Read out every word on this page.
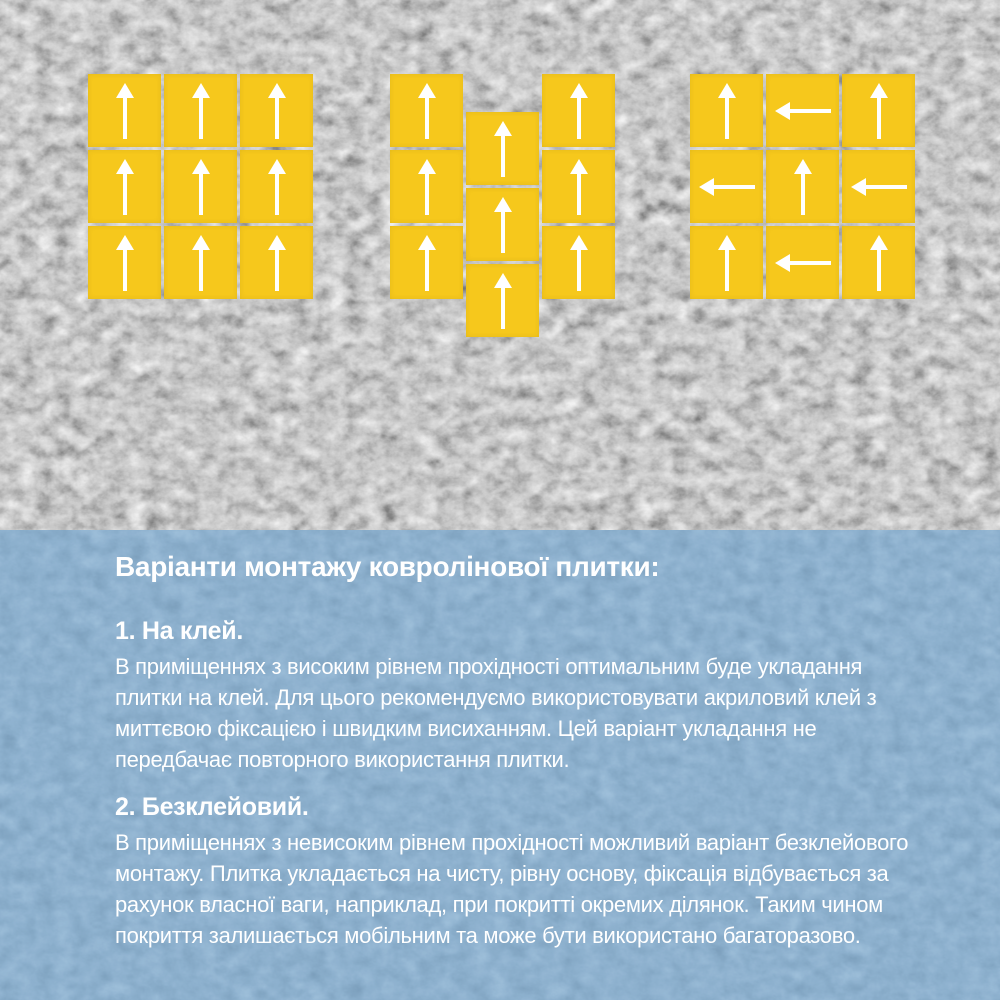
Варіанти монтажу ковролінової плитки:
1. На клей.

В приміщеннях з високим рівнем прохідності оптимальним буде укладання плитки на клей. Для цього рекомендуємо використовувати акриловий клей з миттєвою фіксацією і швидким висиханням. Цей варіант укладання не передбачає повторного використання плитки.

2. Безклейовий.

В приміщеннях з невисоким рівнем прохідності можливий варіант безклейового монтажу. Плитка укладається на чисту, рівну основу, фіксація відбувається за рахунок власної ваги, наприклад, при покритті окремих ділянок. Таким чином покриття залишається мобільним та може бути використано багаторазово.
